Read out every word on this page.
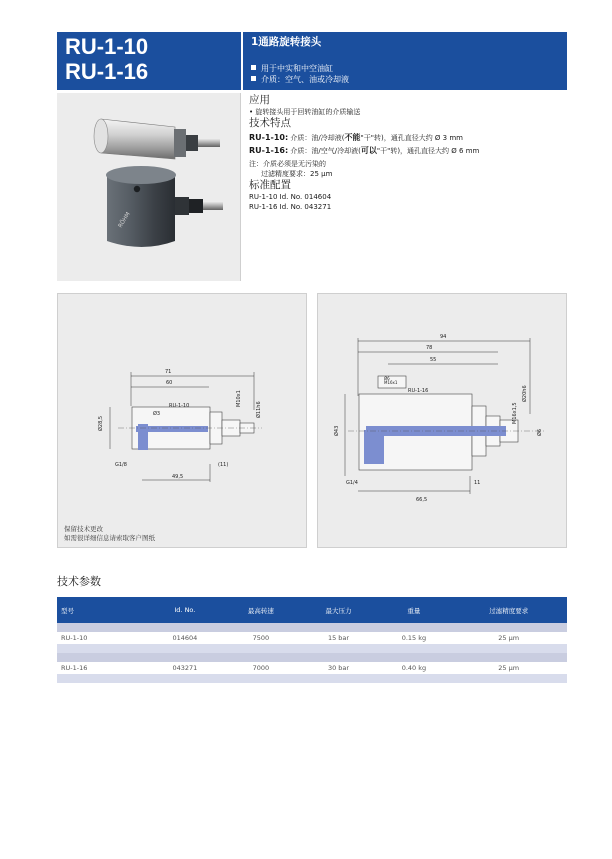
RU-1-10
RU-1-16
1通路旋转接头
用于中实和中空油缸
介质：空气、油或冷却液
RÖHM
应用
• 旋转接头用于回转油缸的介质输送
技术特点
RU-1-10: 介质：油/冷却液(不能"干"转)，通孔直径大约 Ø 3 mm
RU-1-16: 介质：油/空气/冷却液(可以"干"转)，通孔直径大约 Ø 6 mm
注：介质必须是无污染的
过滤精度要求：25 µm
标准配置
RU-1-10 Id. No. 014604
RU-1-16 Id. No. 043271
71
60
Ø28,5
Ø3
RU-1-10	M10x1
Ø11h6
G1/8	(11)
49,5
保留技术更改
如需很详细信息请索取客户图纸
94
78
55
Ø6
M16x1
RU-1-16	Ø20h6
M16x1,5
Ø43
G1/4	11
66,5
Ø6
技术参数
型号	Id. No.	最高转速	最大压力	重量	过滤精度要求

RU-1-10	014604	7500	15 bar	0.15 kg	25 µm

RU-1-16	043271	7000	30 bar	0.40 kg	25 µm
